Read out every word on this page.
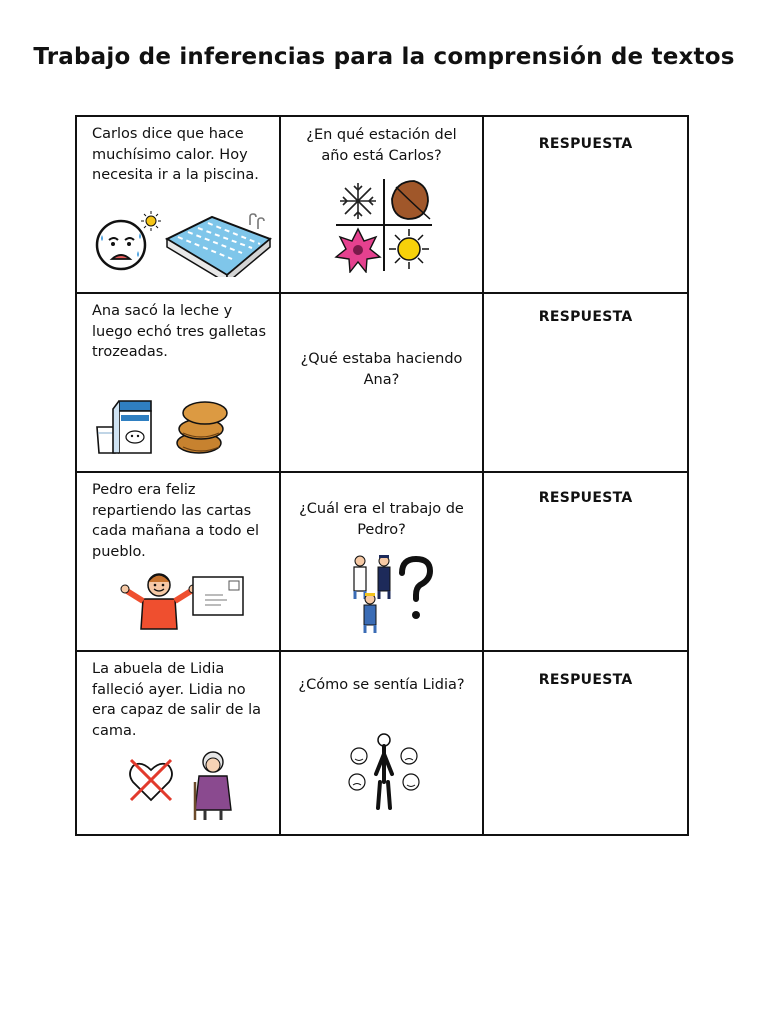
Trabajo de inferencias para la comprensión de textos
Carlos dice que hace muchísimo calor. Hoy necesita ir a la piscina.	¿En qué estación del año está Carlos?	RESPUESTA

Ana sacó la leche y luego echó tres galletas trozeadas.	¿Qué estaba haciendo Ana?	RESPUESTA

Pedro era feliz repartiendo las cartas cada mañana a todo el pueblo.	¿Cuál era el trabajo de Pedro?	RESPUESTA

La abuela de Lidia falleció ayer. Lidia no era capaz de salir de la cama.	¿Cómo se sentía Lidia?	RESPUESTA
